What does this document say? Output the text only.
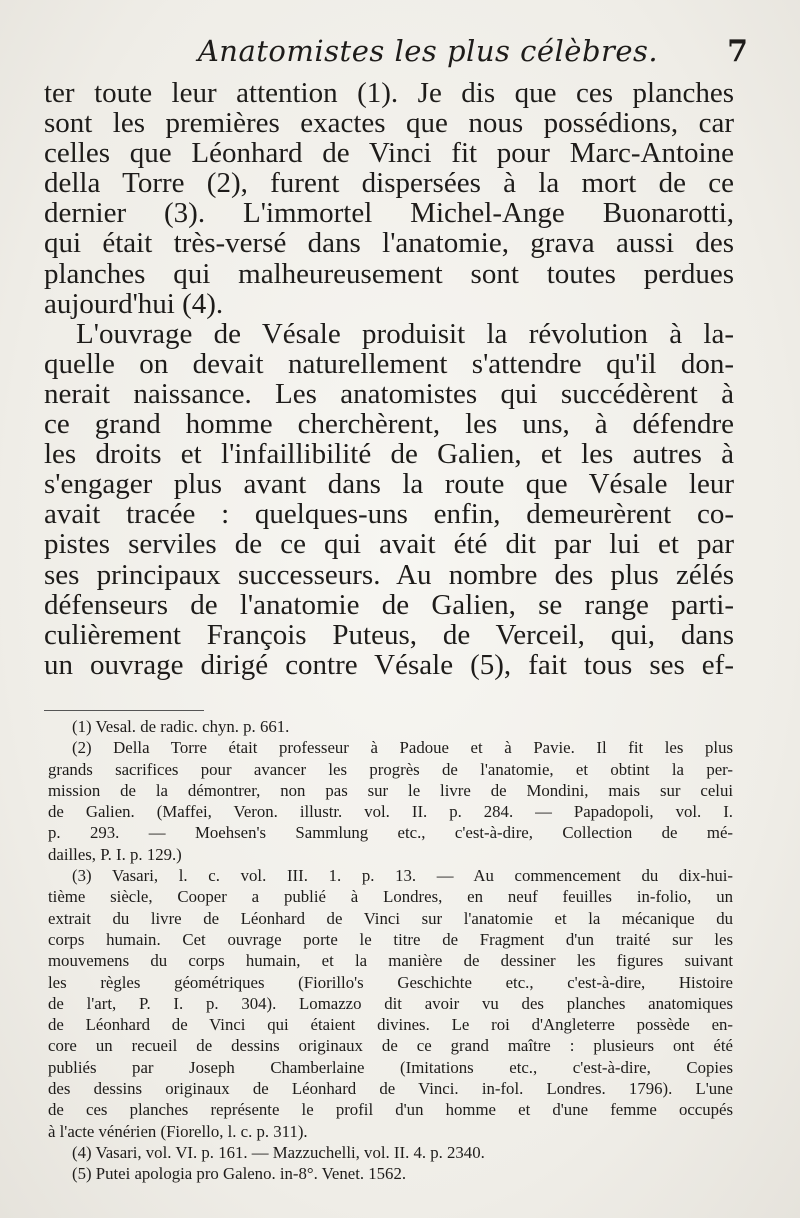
Anatomistes les plus célèbres.	7
ter toute leur attention (1). Je dis que ces planches
sont les premières exactes que nous possédions, car
celles que Léonhard de Vinci fit pour Marc-Antoine
della Torre (2), furent dispersées à la mort de ce
dernier (3). L'immortel Michel-Ange Buonarotti,
qui était très-versé dans l'anatomie, grava aussi des
planches qui malheureusement sont toutes perdues
aujourd'hui (4).
L'ouvrage de Vésale produisit la révolution à la-
quelle on devait naturellement s'attendre qu'il don-
nerait naissance. Les anatomistes qui succédèrent à
ce grand homme cherchèrent, les uns, à défendre
les droits et l'infaillibilité de Galien, et les autres à
s'engager plus avant dans la route que Vésale leur
avait tracée : quelques-uns enfin, demeurèrent co-
pistes serviles de ce qui avait été dit par lui et par
ses principaux successeurs. Au nombre des plus zélés
défenseurs de l'anatomie de Galien, se range parti-
culièrement François Puteus, de Verceil, qui, dans
un ouvrage dirigé contre Vésale (5), fait tous ses ef-
(1) Vesal. de radic. chyn. p. 661.
(2) Della Torre était professeur à Padoue et à Pavie. Il fit les plus
grands sacrifices pour avancer les progrès de l'anatomie, et obtint la per-
mission de la démontrer, non pas sur le livre de Mondini, mais sur celui
de Galien. (Maffei, Veron. illustr. vol. II. p. 284. — Papadopoli, vol. I.
p. 293. — Moehsen's Sammlung etc., c'est-à-dire, Collection de mé-
dailles, P. I. p. 129.)
(3) Vasari, l. c. vol. III. 1. p. 13. — Au commencement du dix-hui-
tième siècle, Cooper a publié à Londres, en neuf feuilles in-folio, un
extrait du livre de Léonhard de Vinci sur l'anatomie et la mécanique du
corps humain. Cet ouvrage porte le titre de Fragment d'un traité sur les
mouvemens du corps humain, et la manière de dessiner les figures suivant
les règles géométriques (Fiorillo's Geschichte etc., c'est-à-dire, Histoire
de l'art, P. I. p. 304). Lomazzo dit avoir vu des planches anatomiques
de Léonhard de Vinci qui étaient divines. Le roi d'Angleterre possède en-
core un recueil de dessins originaux de ce grand maître : plusieurs ont été
publiés par Joseph Chamberlaine (Imitations etc., c'est-à-dire, Copies
des dessins originaux de Léonhard de Vinci. in-fol. Londres. 1796). L'une
de ces planches représente le profil d'un homme et d'une femme occupés
à l'acte vénérien (Fiorello, l. c. p. 311).
(4) Vasari, vol. VI. p. 161. — Mazzuchelli, vol. II. 4. p. 2340.
(5) Putei apologia pro Galeno. in-8°. Venet. 1562.
